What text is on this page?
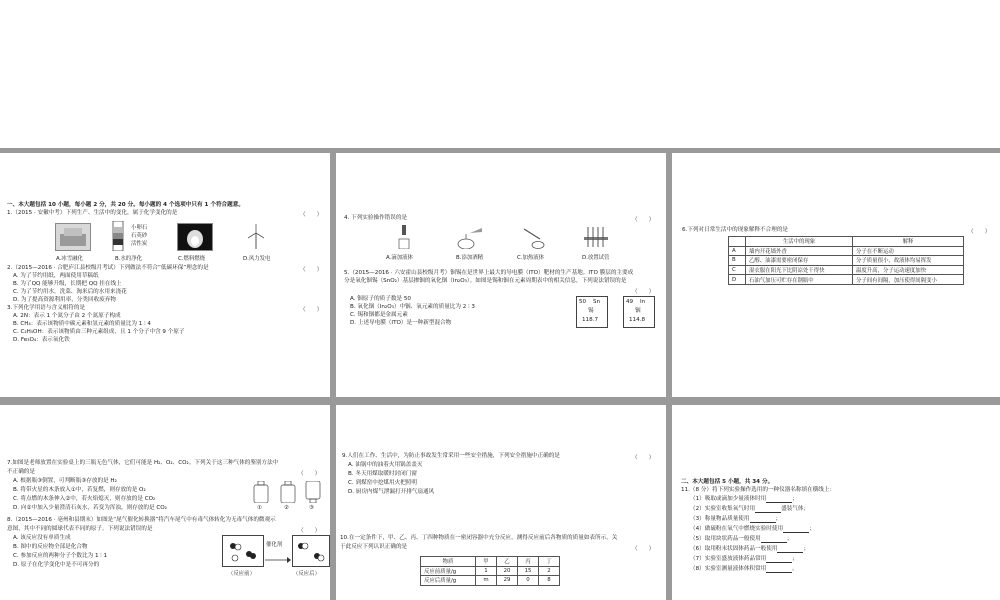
一、本大题包括 10 小题，每小题 2 分，共 20 分。每小题的 4 个选项中只有 1 个符合题意。
1.（2015 · 安徽中考）下列生产、生活中的变化，属于化学变化的是	（　　）
小卵石
石英砂
活性炭
A.冰雪融化	B.水的净化	C.燃料燃烧	D.风力发电
2.（2015—2016 · 合肥庐江县校级月考试）下列做法不符合“低碳环保”理念的是	（　　）
A. 为了节约用纸，两面使用草稿纸
B. 为了QQ 能够升级，长期把 QQ 挂在线上
C. 为了节约用水，洗菜、淘米后的水用来浇花
D. 为了提高资源利用率，分类回收废弃物
3.下列化学用语与含义相符的是	（　　）
A. 2N：表示 1 个氮分子由 2 个氮原子构成
B. CH₄：表示该物质中碳元素和氢元素的质量比为 1 ∶ 4
C. C₂H₅OH：表示该物质由三种元素组成，且 1 个分子中含 9 个原子
D. Fe₃O₄：表示氧化铁
4. 下列实验操作错误的是	（　　）
A.滴加液体	B.添加酒精	C.加热液体	D.放置试管
5.（2015—2016 · 六安霍山县校级月考）铟锡在是世界上最大的导电膜（ITO）靶材的生产基地。ITO 膜层的主要成
分是氧化铟锡（SnO₂）基层掺铟的氧化铟（In₂O₃）。如图是锡和铟在元素周期表中的相关信息，下列说法错误的是
（　　）
A. 铟原子的质子数是 50
B. 氧化铟（In₂O₃）中铟、氧元素的质量比为 2 ∶ 3
C. 锡和铟都是金属元素
D. 上述导电膜（ITO）是一种新型混合物
50 Sn
锡
118.7
49 In
铟
114.8
6.下列对日常生活中的现象解释不合理的是	（　　）
	生活中的现象	解释
A	墙内开花墙外香	分子在不断运动
B	乙醇、油漆需要密闭保存	分子质量很小，故液体均易挥发
C	湿衣服在阳光下比阴凉处干得快	温度升高，分子运动速度加快
D	石油气加压可贮存在钢瓶中	分子间有间隔，加压使得间隔变小
7.如图是老师放置在实验桌上的三瓶无色气体，它们可能是 H₂、O₂、CO₂。下列关于这三种气体的鉴别方法中
不正确的是	（　　）
A. 根据瓶③倒置，可判断瓶③存放的是 H₂
B. 将带火星的木条放入①中，若复燃，则存放的是 O₂
C. 将点燃的木条伸入②中，若火焰熄灭，则存放的是 CO₂
D. 向②中加入少量澄清石灰水，若变为浑浊，则存放的是 CO₂	①	②	③
8.（2015—2016 · 亳州和县期末）如图是“尾气催化转换器”将汽车尾气中有毒气体转化为无毒气体的微观示
意图，其中不同的圆球代表不同的原子。下列说法错误的是	（　　）
A. 该反应没有单质生成
B. 图中的反应物全部是化合物
C. 参加反应的两种分子个数比为 1 ∶ 1
D. 原子在化学变化中是不可再分的
催化剂
（反应前）	（反应后）
9.人们在工作、生活中，为防止事故发生常采用一些安全措施，下列安全措施中正确的是	（　　）
A. 油锅中的油着火用锅盖盖灭
B. 冬天用煤取暖时封闭门窗
C. 到煤窑中挖煤用火把照明
D. 厨房内煤气泄漏打开排气扇通风
10.在一定条件下，甲、乙、丙、丁四种物质在一密闭容器中充分反应，测得反应前后各物质的质量如表所示。关
于此反应下列认识正确的是	（　　）
物质	甲	乙	丙	丁
反应前质量/g	1	20	15	2
反应后质量/g	m	29	0	8
二、本大题包括 5 小题，共 34 分。
11.（8 分）将下列实验操作选用的一种仪器名称填在横线上：
（1）吸取或滴加少量液体时用	；
（2）实验室收集氧气时用	盛装气体；
（3）称量物品质量使用	；
（4）做硫粉在氧气中燃烧实验时使用	；
（5）取用块状药品一般使用	；
（6）取用粉末状固体药品一般使用	；
（7）实验室盛放液体药品常用	；
（8）实验室测量液体体积常用	。
